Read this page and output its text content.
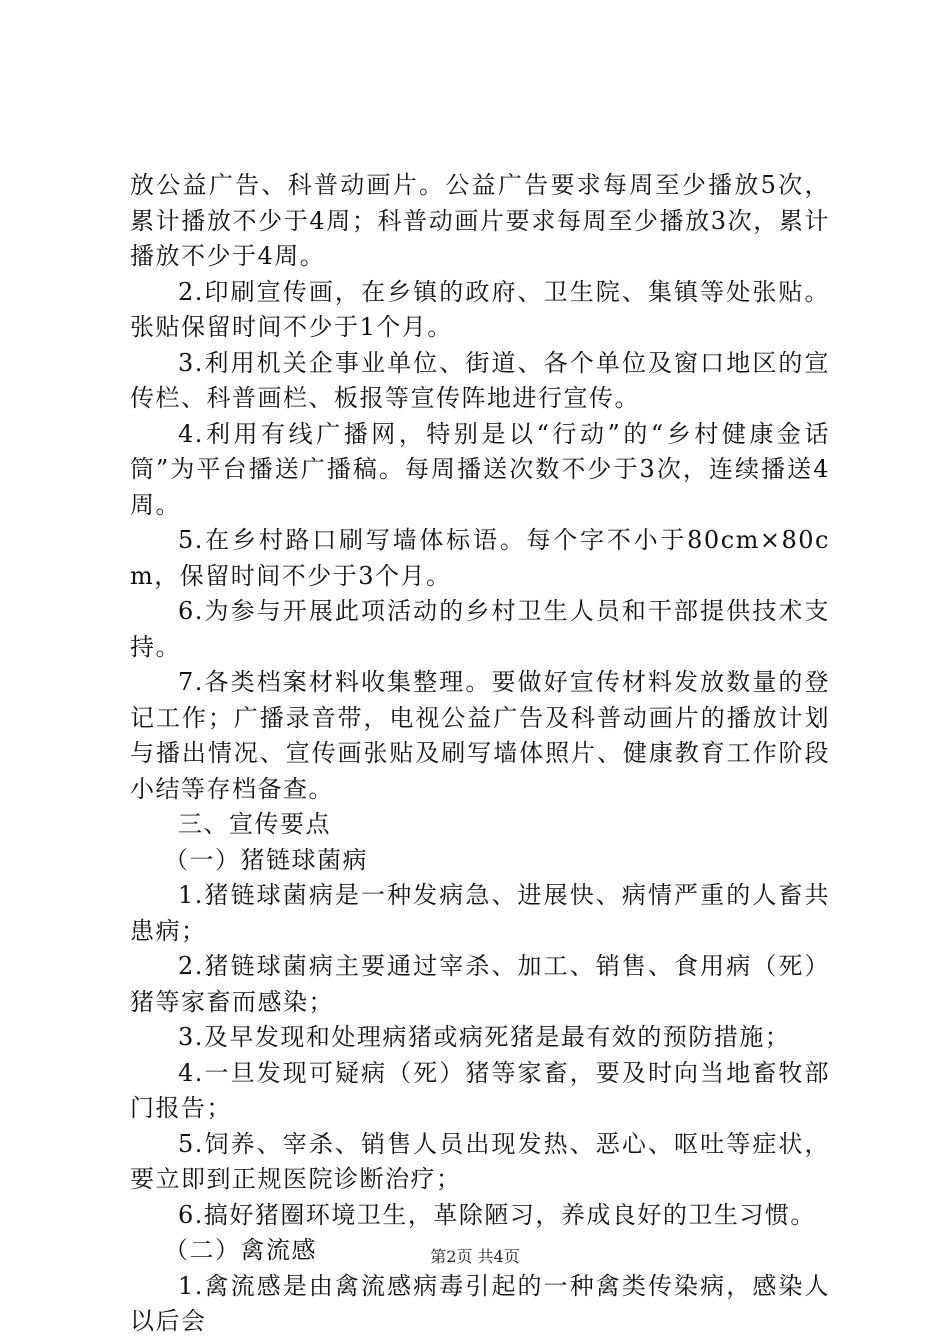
放公益广告、科普动画片。公益广告要求每周至少播放5次，累计播放不少于4周；科普动画片要求每周至少播放3次，累计播放不少于4周。

2.印刷宣传画，在乡镇的政府、卫生院、集镇等处张贴。张贴保留时间不少于1个月。

3.利用机关企事业单位、街道、各个单位及窗口地区的宣传栏、科普画栏、板报等宣传阵地进行宣传。

4.利用有线广播网，特别是以“行动”的“乡村健康金话筒”为平台播送广播稿。每周播送次数不少于3次，连续播送4周。

5.在乡村路口刷写墙体标语。每个字不小于80cm×80cm，保留时间不少于3个月。

6.为参与开展此项活动的乡村卫生人员和干部提供技术支持。

7.各类档案材料收集整理。要做好宣传材料发放数量的登记工作；广播录音带，电视公益广告及科普动画片的播放计划与播出情况、宣传画张贴及刷写墙体照片、健康教育工作阶段小结等存档备查。

三、宣传要点

（一）猪链球菌病

1.猪链球菌病是一种发病急、进展快、病情严重的人畜共患病；

2.猪链球菌病主要通过宰杀、加工、销售、食用病（死）猪等家畜而感染；

3.及早发现和处理病猪或病死猪是最有效的预防措施；

4.一旦发现可疑病（死）猪等家畜，要及时向当地畜牧部门报告；

5.饲养、宰杀、销售人员出现发热、恶心、呕吐等症状，要立即到正规医院诊断治疗；

6.搞好猪圈环境卫生，革除陋习，养成良好的卫生习惯。

（二）禽流感

1.禽流感是由禽流感病毒引起的一种禽类传染病，感染人以后会

第2页 共4页
